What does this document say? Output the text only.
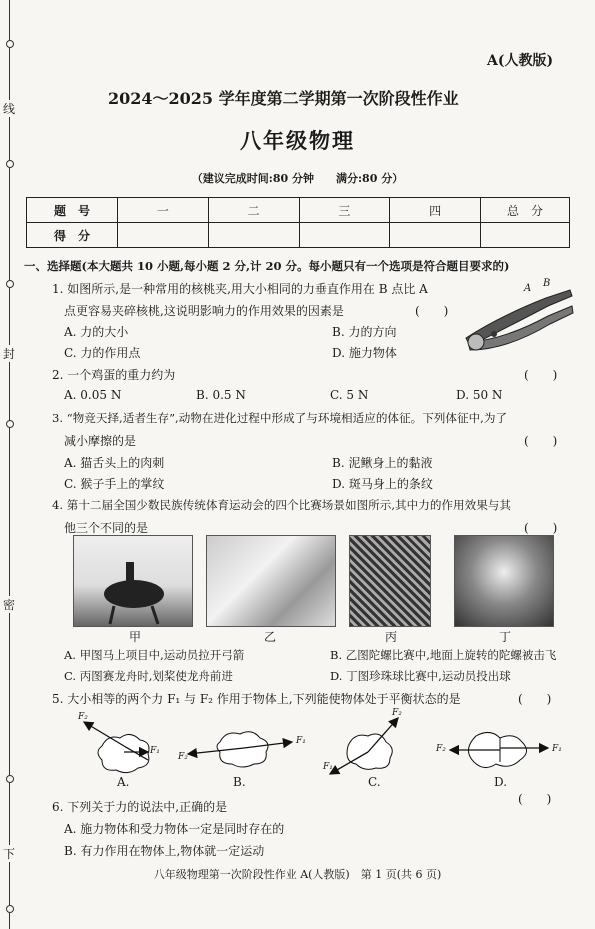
线
封
密
下
A(人教版)
2024～2025 学年度第二学期第一次阶段性作业
八年级物理
（建议完成时间:80 分钟　　满分:80 分）
题　号	一	二	三	四	总　分
得　分					
一、选择题(本大题共 10 小题,每小题 2 分,计 20 分。每小题只有一个选项是符合题目要求的)
1. 如图所示,是一种常用的核桃夹,用大小相同的力垂直作用在 B 点比 A
点更容易夹碎核桃,这说明影响力的作用效果的因素是	(　　)
A. 力的大小	B. 力的方向
C. 力的作用点	D. 施力物体
A B
2. 一个鸡蛋的重力约为	(　　)
A. 0.05 N	B. 0.5 N	C. 5 N	D. 50 N
3. “物竞天择,适者生存”,动物在进化过程中形成了与环境相适应的体征。下列体征中,为了
减小摩擦的是	(　　)
A. 猫舌头上的肉刺	B. 泥鳅身上的黏液
C. 猴子手上的掌纹	D. 斑马身上的条纹
4. 第十二届全国少数民族传统体育运动会的四个比赛场景如图所示,其中力的作用效果与其
他三个不同的是	(　　)
甲	乙	丙	丁
A. 甲图马上项目中,运动员拉开弓箭	B. 乙图陀螺比赛中,地面上旋转的陀螺被击飞
C. 丙图赛龙舟时,划桨使龙舟前进	D. 丁图珍珠球比赛中,运动员投出球
5. 大小相等的两个力 F₁ 与 F₂ 作用于物体上,下列能使物体处于平衡状态的是	(　　)
F₂
F₁
F₂
F₁
F₂
F₁
F₂	F₁
A.	B.	C.	D.
6. 下列关于力的说法中,正确的是
(　　)
A. 施力物体和受力物体一定是同时存在的
B. 有力作用在物体上,物体就一定运动
八年级物理第一次阶段性作业 A(人教版)　第 1 页(共 6 页)
